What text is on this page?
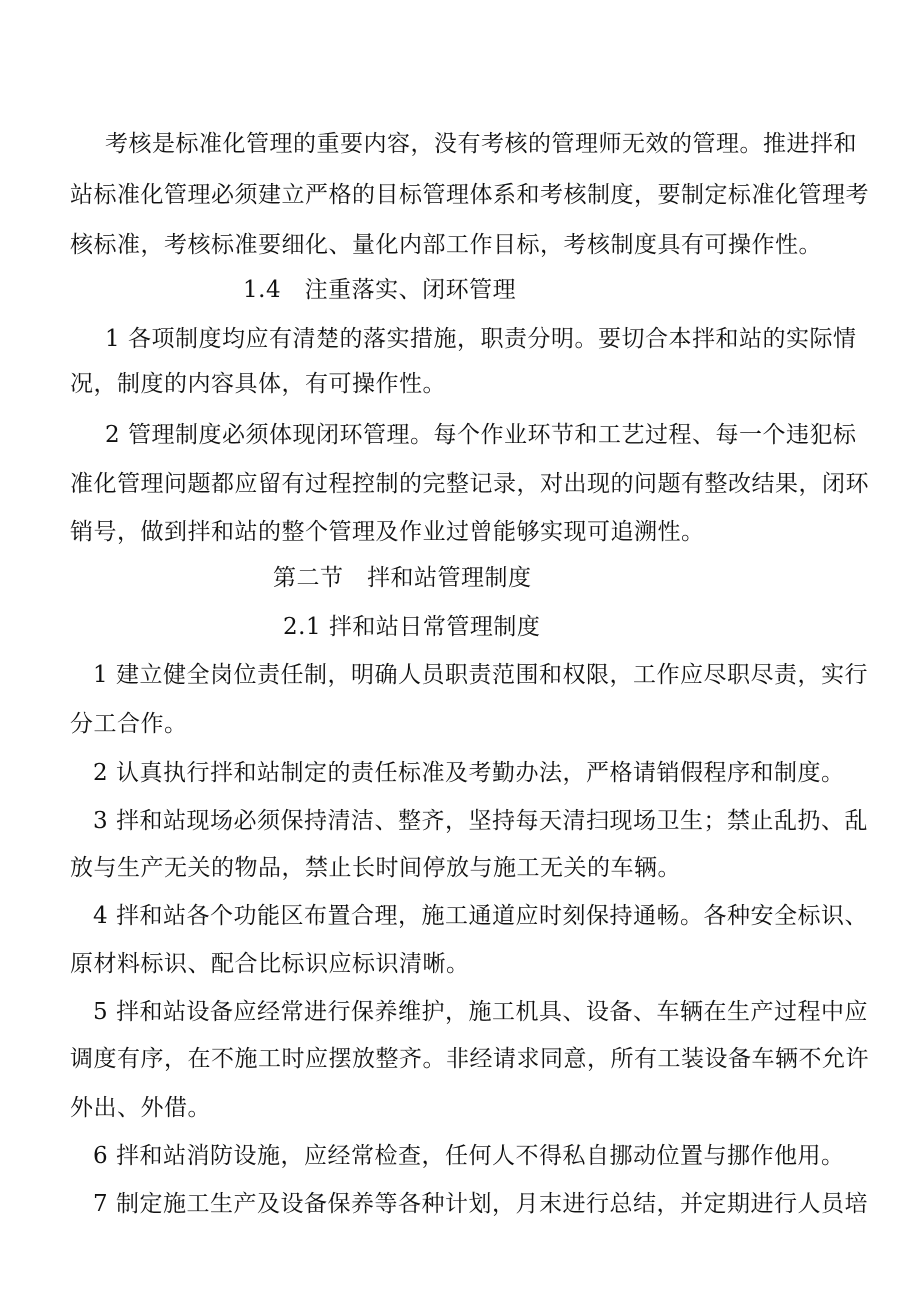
考核是标准化管理的重要内容，没有考核的管理师无效的管理。推进拌和
站标准化管理必须建立严格的目标管理体系和考核制度，要制定标准化管理考
核标准，考核标准要细化、量化内部工作目标，考核制度具有可操作性。
1.4　注重落实、闭环管理
1 各项制度均应有清楚的落实措施，职责分明。要切合本拌和站的实际情
况，制度的内容具体，有可操作性。
2 管理制度必须体现闭环管理。每个作业环节和工艺过程、每一个违犯标
准化管理问题都应留有过程控制的完整记录，对出现的问题有整改结果，闭环
销号，做到拌和站的整个管理及作业过曾能够实现可追溯性。
第二节　拌和站管理制度
2.1 拌和站日常管理制度
1 建立健全岗位责任制，明确人员职责范围和权限，工作应尽职尽责，实行
分工合作。
2 认真执行拌和站制定的责任标准及考勤办法，严格请销假程序和制度。
3 拌和站现场必须保持清洁、整齐，坚持每天清扫现场卫生；禁止乱扔、乱
放与生产无关的物品，禁止长时间停放与施工无关的车辆。
4 拌和站各个功能区布置合理，施工通道应时刻保持通畅。各种安全标识、
原材料标识、配合比标识应标识清晰。
5 拌和站设备应经常进行保养维护，施工机具、设备、车辆在生产过程中应
调度有序，在不施工时应摆放整齐。非经请求同意，所有工装设备车辆不允许
外出、外借。
6 拌和站消防设施，应经常检查，任何人不得私自挪动位置与挪作他用。
7 制定施工生产及设备保养等各种计划，月末进行总结，并定期进行人员培
